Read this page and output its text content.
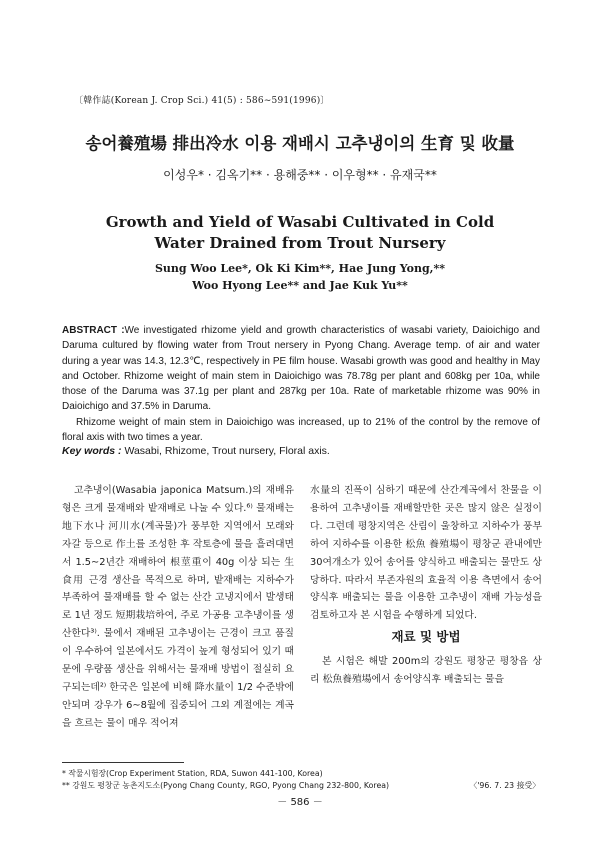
〔韓作誌(Korean J. Crop Sci.) 41(5) : 586∼591(1996)〕
송어養殖場 排出冷水 이용 재배시 고추냉이의 生育 및 收量
이성우* · 김옥기** · 용해중** · 이우형** · 유재국**
Growth and Yield of Wasabi Cultivated in Cold
Water Drained from Trout Nursery
Sung Woo Lee*, Ok Ki Kim**, Hae Jung Yong,**
Woo Hyong Lee** and Jae Kuk Yu**

ABSTRACT :We investigated rhizome yield and growth characteristics of wasabi variety, Daioichigo and Daruma cultured by flowing water from Trout nersery in Pyong Chang. Average temp. of air and water during a year was 14.3, 12.3℃, respectively in PE film house. Wasabi growth was good and healthy in May and October. Rhizome weight of main stem in Daioichigo was 78.78g per plant and 608kg per 10a, while those of the Daruma was 37.1g per plant and 287kg per 10a. Rate of marketable rhizome was 90% in Daioichigo and 37.5% in Daruma.

Rhizome weight of main stem in Daioichigo was increased, up to 21% of the control by the remove of floral axis with two times a year.

Key words : Wasabi, Rhizome, Trout nursery, Floral axis.

고추냉이(Wasabia japonica Matsum.)의 재배유형은 크게 물재배와 밭재배로 나눌 수 있다.⁶⁾ 물재배는 地下水나 河川水(계곡물)가 풍부한 지역에서 모래와 자갈 등으로 作土를 조성한 후 작토층에 물을 흘려대면서 1.5∼2년간 재배하여 根莖重이 40g 이상 되는 生食用 근경 생산을 목적으로 하며, 밭재배는 지하수가 부족하여 물재배를 할 수 없는 산간 고냉지에서 발생태로 1년 정도 短期栽培하여, 주로 가공용 고추냉이를 생산한다³⁾. 물에서 재배된 고추냉이는 근경이 크고 품질이 우수하여 일본에서도 가격이 높게 형성되어 있기 때문에 우량품 생산을 위해서는 물재배 방법이 절실히 요구되는데²⁾ 한국은 일본에 비해 降水量이 1/2 수준밖에 안되며 강우가 6∼8월에 집중되어 그외 계절에는 계곡을 흐르는 물이 매우 적어져

水量의 진폭이 심하기 때문에 산간계곡에서 찬물을 이용하여 고추냉이를 재배할만한 곳은 많지 않은 실정이다. 그런데 평창지역은 산림이 울창하고 지하수가 풍부하여 지하수를 이용한 松魚 養殖場이 평창군 관내에만 30여개소가 있어 송어를 양식하고 배출되는 물만도 상당하다. 따라서 부존자원의 효율적 이용 측면에서 송어 양식후 배출되는 물을 이용한 고추냉이 재배 가능성을 검토하고자 본 시험을 수행하게 되었다.

재료 및 방법

본 시험은 해발 200m의 강원도 평창군 평창읍 상리 松魚養殖場에서 송어양식후 배출되는 물을

* 작물시험장(Crop Experiment Station, RDA, Suwon 441-100, Korea)
** 강원도 평창군 농촌지도소(Pyong Chang County, RGO, Pyong Chang 232-800, Korea)	〈'96. 7. 23 接受〉
－ 586 －
